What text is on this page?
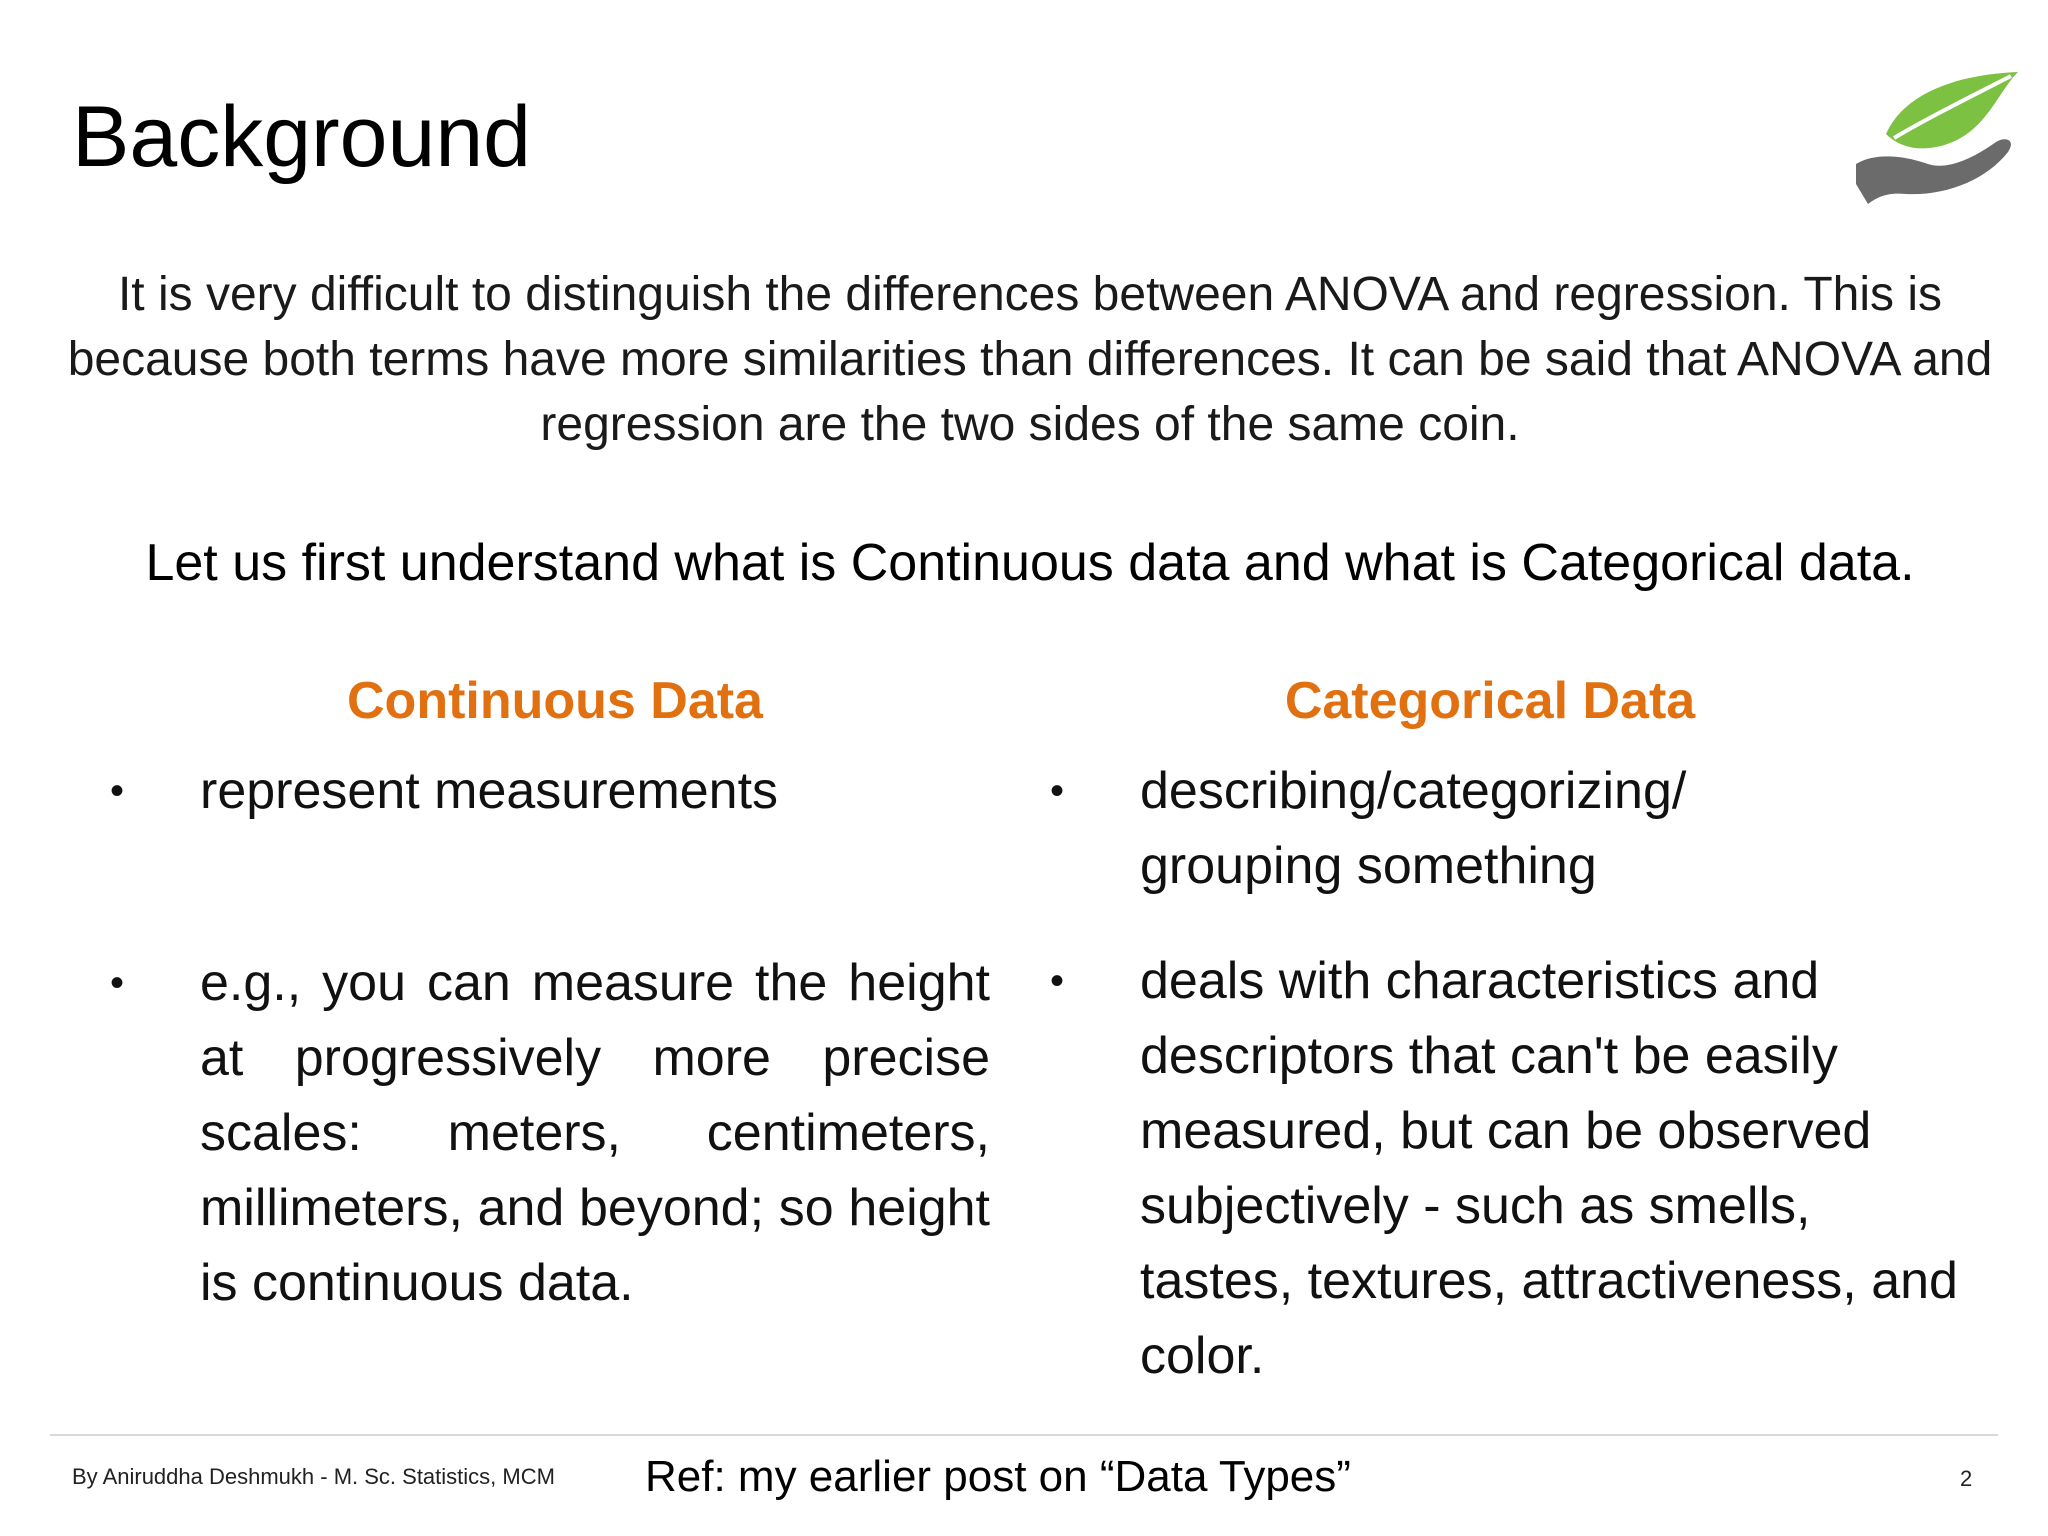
Background
It is very difficult to distinguish the differences between ANOVA and regression. This is because both terms have more similarities than differences. It can be said that ANOVA and regression are the two sides of the same coin.
Let us first understand what is Continuous data and what is Categorical data.
Continuous Data
• represent measurements
• e.g., you can measure the height at progressively more precise scales: meters, centimeters, millimeters, and beyond; so height is continuous data.
Categorical Data
• describing/categorizing/ grouping something
• deals with characteristics and descriptors that can't be easily measured, but can be observed subjectively - such as smells, tastes, textures, attractiveness, and color.
By Aniruddha Deshmukh - M. Sc. Statistics, MCM Ref: my earlier post on “Data Types”	2
